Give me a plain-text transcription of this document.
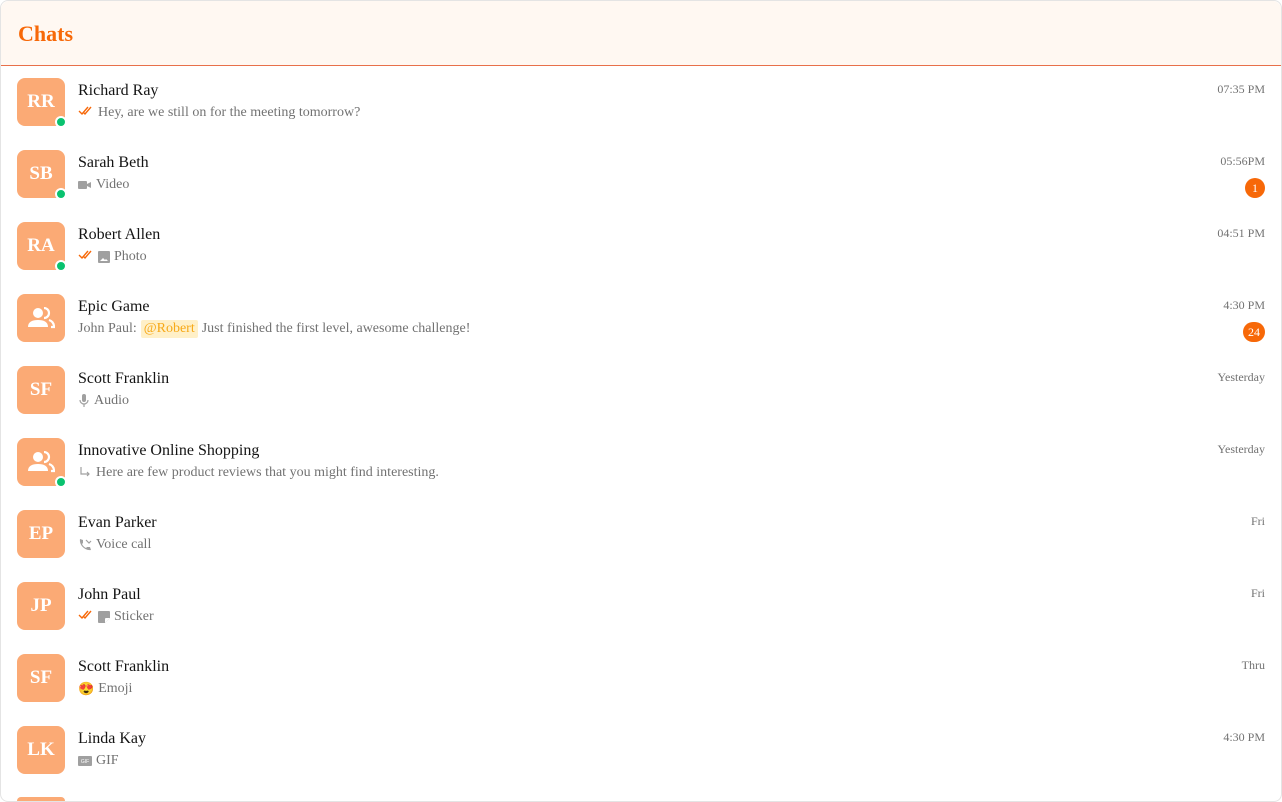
Chats
RR
Richard Ray
Hey, are we still on for the meeting tomorrow?
07:35 PM
SB
Sarah Beth
Video
05:56PM
1
RA
Robert Allen
Photo
04:51 PM
Epic Game
John Paul: @Robert Just finished the first level, awesome challenge!
4:30 PM
24
SF
Scott Franklin
Audio
Yesterday
Innovative Online Shopping
Here are few product reviews that you might find interesting.
Yesterday
EP
Evan Parker
Voice call
Fri
JP
John Paul
Sticker
Fri
SF
Scott Franklin
😍 Emoji
Thru
LK
Linda Kay
GIF GIF
4:30 PM
